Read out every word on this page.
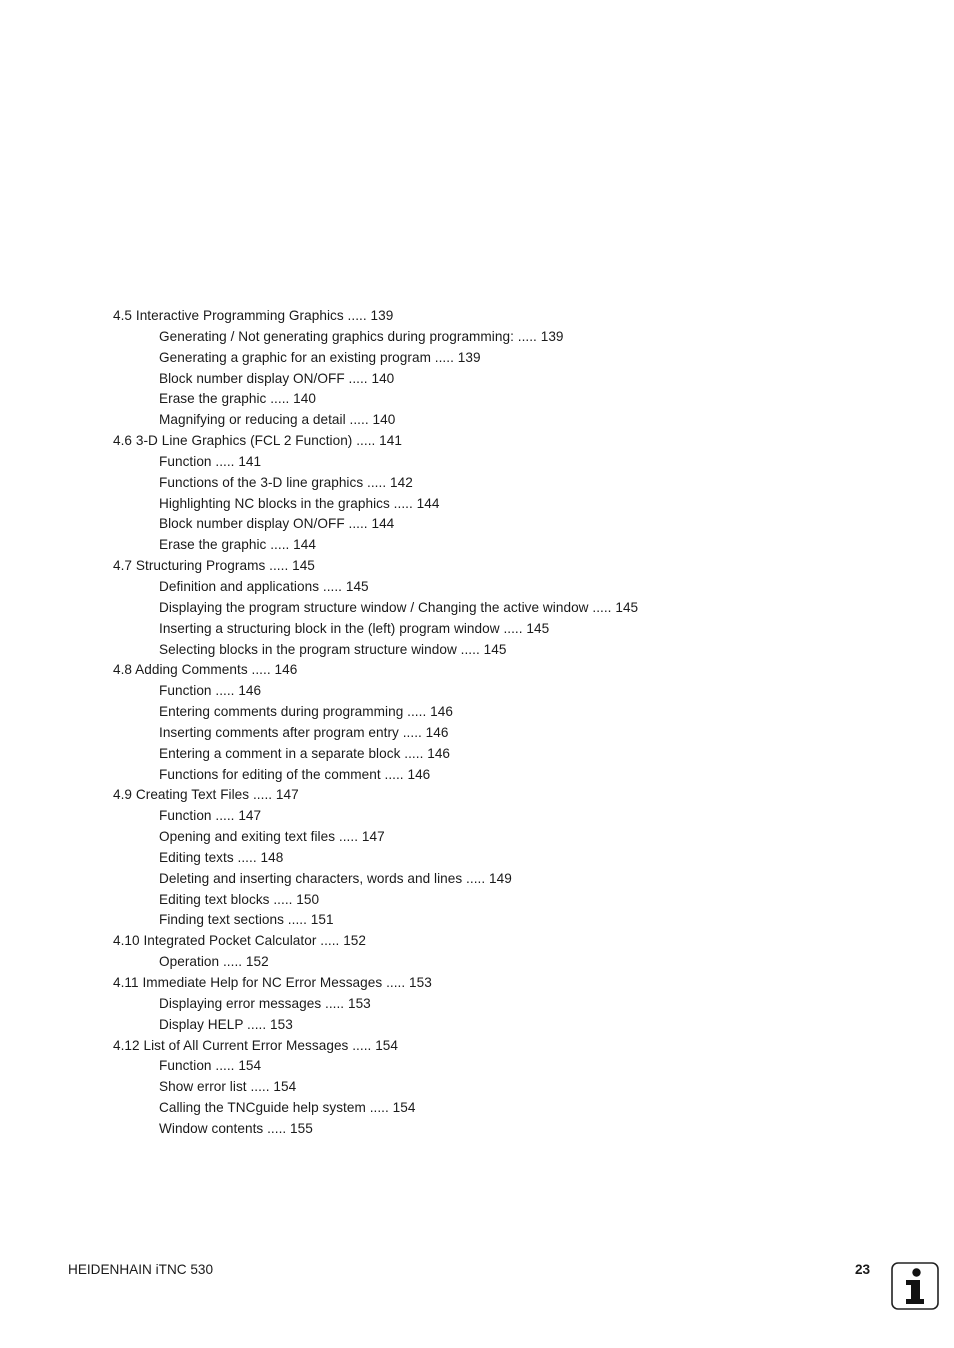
4.5 Interactive Programming Graphics ..... 139
Generating / Not generating graphics during programming: ..... 139
Generating a graphic for an existing program ..... 139
Block number display ON/OFF ..... 140
Erase the graphic ..... 140
Magnifying or reducing a detail ..... 140
4.6 3-D Line Graphics (FCL 2 Function) ..... 141
Function ..... 141
Functions of the 3-D line graphics ..... 142
Highlighting NC blocks in the graphics ..... 144
Block number display ON/OFF ..... 144
Erase the graphic ..... 144
4.7 Structuring Programs ..... 145
Definition and applications ..... 145
Displaying the program structure window / Changing the active window ..... 145
Inserting a structuring block in the (left) program window ..... 145
Selecting blocks in the program structure window ..... 145
4.8 Adding Comments ..... 146
Function ..... 146
Entering comments during programming ..... 146
Inserting comments after program entry ..... 146
Entering a comment in a separate block ..... 146
Functions for editing of the comment ..... 146
4.9 Creating Text Files ..... 147
Function ..... 147
Opening and exiting text files ..... 147
Editing texts ..... 148
Deleting and inserting characters, words and lines ..... 149
Editing text blocks ..... 150
Finding text sections ..... 151
4.10 Integrated Pocket Calculator ..... 152
Operation ..... 152
4.11 Immediate Help for NC Error Messages ..... 153
Displaying error messages ..... 153
Display HELP ..... 153
4.12 List of All Current Error Messages ..... 154
Function ..... 154
Show error list ..... 154
Calling the TNCguide help system ..... 154
Window contents ..... 155
HEIDENHAIN iTNC 530	23
